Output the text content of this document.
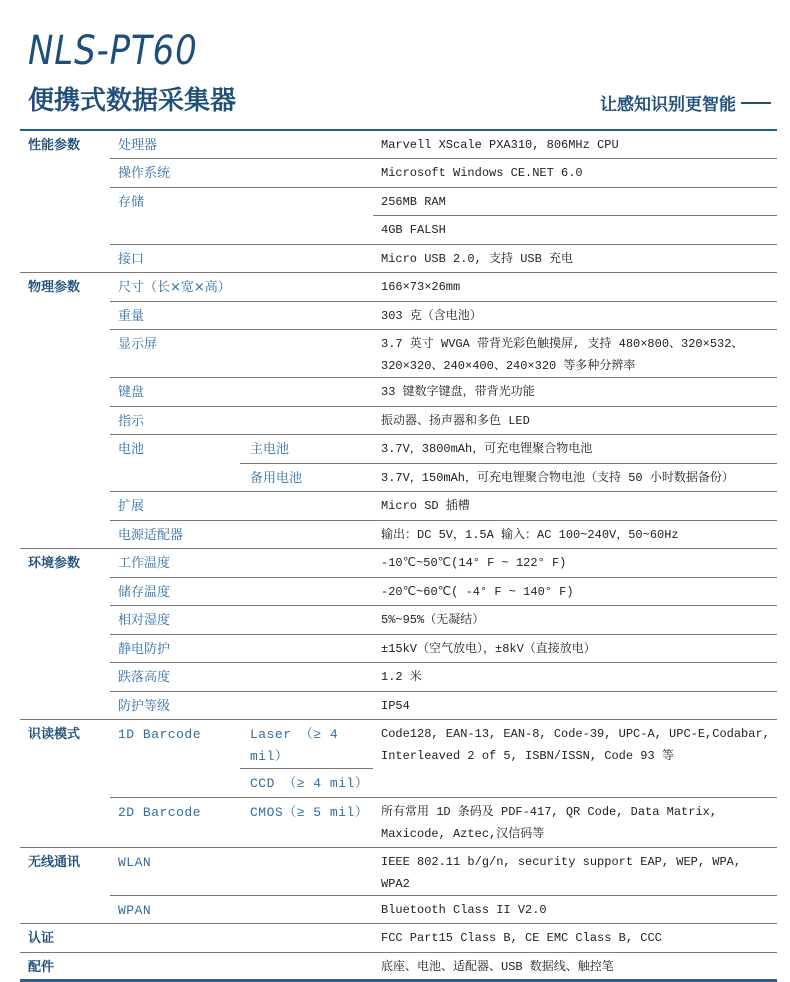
NLS-PT60
便携式数据采集器	让感知识别更智能
性能参数	处理器		Marvell XScale PXA310, 806MHz CPU
	操作系统		Microsoft Windows CE.NET 6.0
	存储		256MB RAM
			4GB FALSH
	接口		Micro USB 2.0, 支持 USB 充电
物理参数	尺寸（长×宽×高）		166×73×26mm
	重量		303 克（含电池）
	显示屏		3.7 英寸 WVGA 带背光彩色触摸屏, 支持 480×800、320×532、320×320、240×400、240×320 等多种分辨率
	键盘		33 键数字键盘，带背光功能
	指示		振动器、扬声器和多色 LED
	电池	主电池	3.7V，3800mAh，可充电锂聚合物电池
		备用电池	3.7V，150mAh，可充电锂聚合物电池（支持 50 小时数据备份）
	扩展		Micro SD 插槽
	电源适配器		输出：DC 5V，1.5A 输入：AC 100~240V，50~60Hz
环境参数	工作温度		-10℃~50℃(14° F ~ 122° F)
	储存温度		-20℃~60℃( -4° F ~ 140° F)
	相对湿度		5%~95%（无凝结）
	静电防护		±15kV（空气放电），±8kV（直接放电）
	跌落高度		1.2 米
	防护等级		IP54
识读模式	1D Barcode	Laser （≥ 4 mil）	Code128, EAN-13, EAN-8, Code-39, UPC-A, UPC-E,Codabar, Interleaved 2 of 5, ISBN/ISSN, Code 93 等
		CCD （≥ 4 mil）	
	2D Barcode	CMOS（≥ 5 mil）	所有常用 1D 条码及 PDF-417, QR Code, Data Matrix, Maxicode, Aztec,汉信码等
无线通讯	WLAN		IEEE 802.11 b/g/n, security support EAP, WEP, WPA, WPA2
	WPAN		Bluetooth Class II V2.0
认证			FCC Part15 Class B, CE EMC Class B, CCC
配件			底座、电池、适配器、USB 数据线、触控笔
